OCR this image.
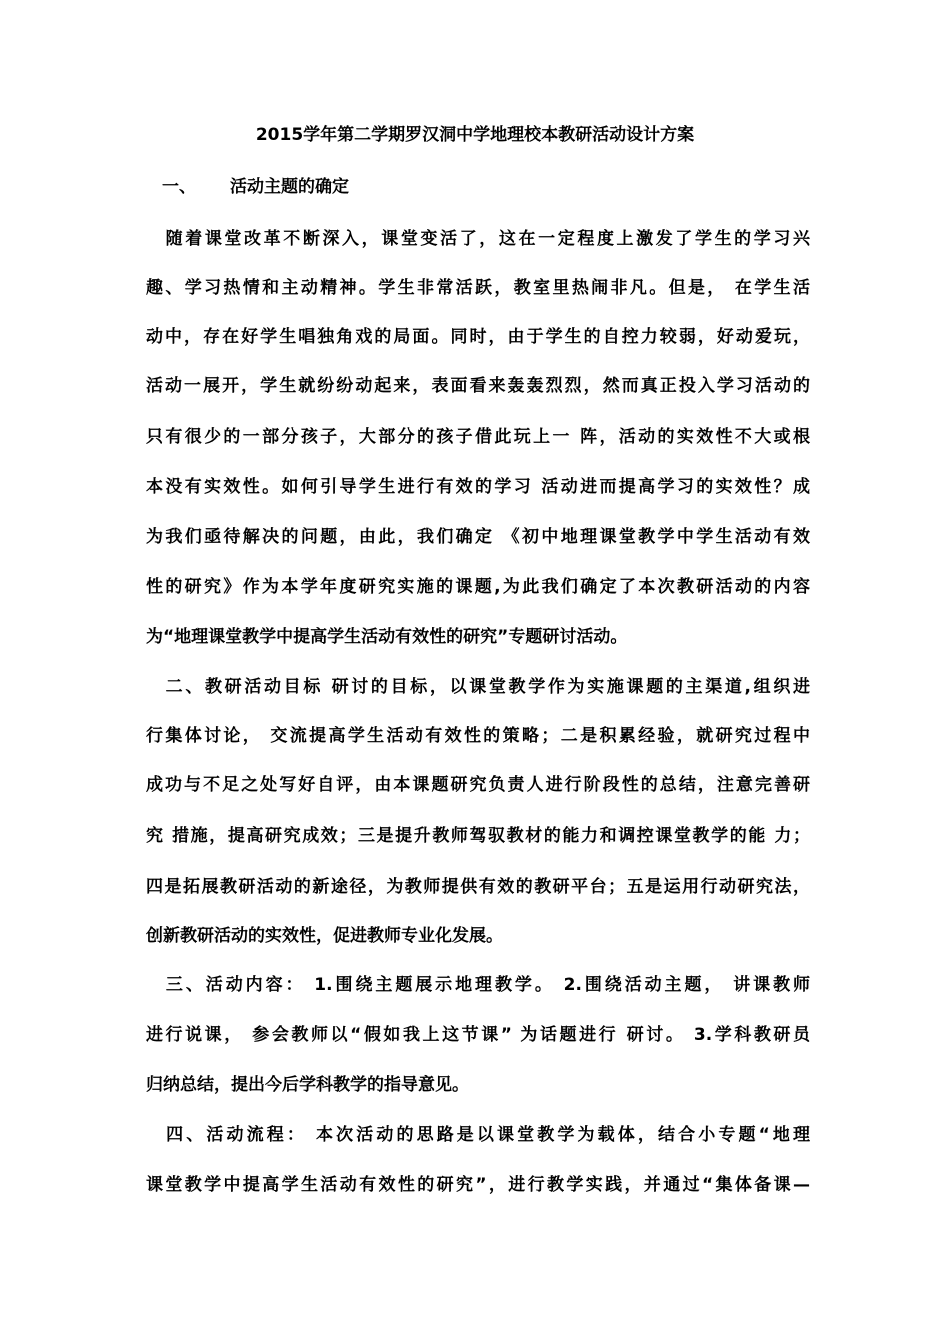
2015学年第二学期罗汉洞中学地理校本教研活动设计方案
一、 活动主题的确定
　随着课堂改革不断深入，课堂变活了，这在一定程度上激发了学生的学习兴
趣、学习热情和主动精神。学生非常活跃，教室里热闹非凡。但是， 在学生活
动中，存在好学生唱独角戏的局面。同时，由于学生的自控力较弱，好动爱玩，
活动一展开，学生就纷纷动起来，表面看来轰轰烈烈，然而真正投入学习活动的
只有很少的一部分孩子，大部分的孩子借此玩上一 阵，活动的实效性不大或根
本没有实效性。如何引导学生进行有效的学习 活动进而提高学习的实效性？成
为我们亟待解决的问题，由此，我们确定 《初中地理课堂教学中学生活动有效
性的研究》作为本学年度研究实施的课题,为此我们确定了本次教研活动的内容
为“地理课堂教学中提高学生活动有效性的研究”专题研讨活动。
　二、教研活动目标 研讨的目标，以课堂教学作为实施课题的主渠道,组织进
行集体讨论， 交流提高学生活动有效性的策略；二是积累经验，就研究过程中
成功与不足之处写好自评，由本课题研究负责人进行阶段性的总结，注意完善研
究 措施，提高研究成效；三是提升教师驾驭教材的能力和调控课堂教学的能 力；
四是拓展教研活动的新途径，为教师提供有效的教研平台；五是运用行动研究法，
创新教研活动的实效性，促进教师专业化发展。
　三、活动内容： 1.围绕主题展示地理教学。 2.围绕活动主题， 讲课教师
进行说课， 参会教师以“假如我上这节课” 为话题进行 研讨。 3.学科教研员
归纳总结，提出今后学科教学的指导意见。
　四、活动流程： 本次活动的思路是以课堂教学为载体，结合小专题“地理
课堂教学中提高学生活动有效性的研究”，进行教学实践，并通过“集体备课—
